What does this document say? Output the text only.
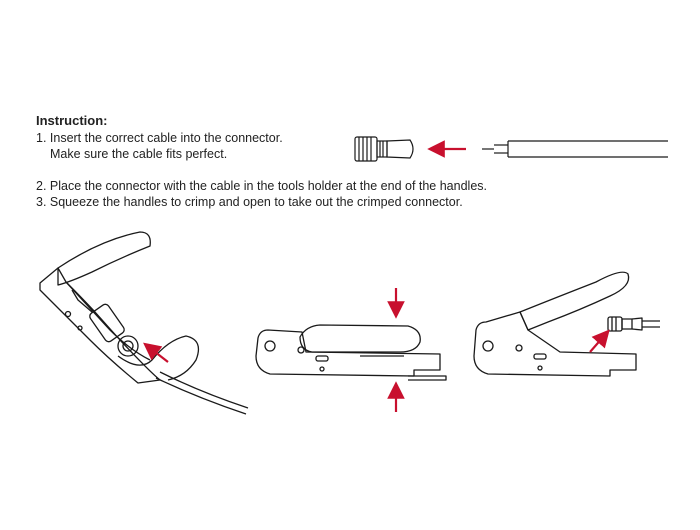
Instruction:
1. Insert the correct cable into the connector.
Make sure the cable fits perfect.
2. Place the connector with the cable in the tools holder at the end of the handles.
3. Squeeze the handles to crimp and open to take out the crimped connector.
